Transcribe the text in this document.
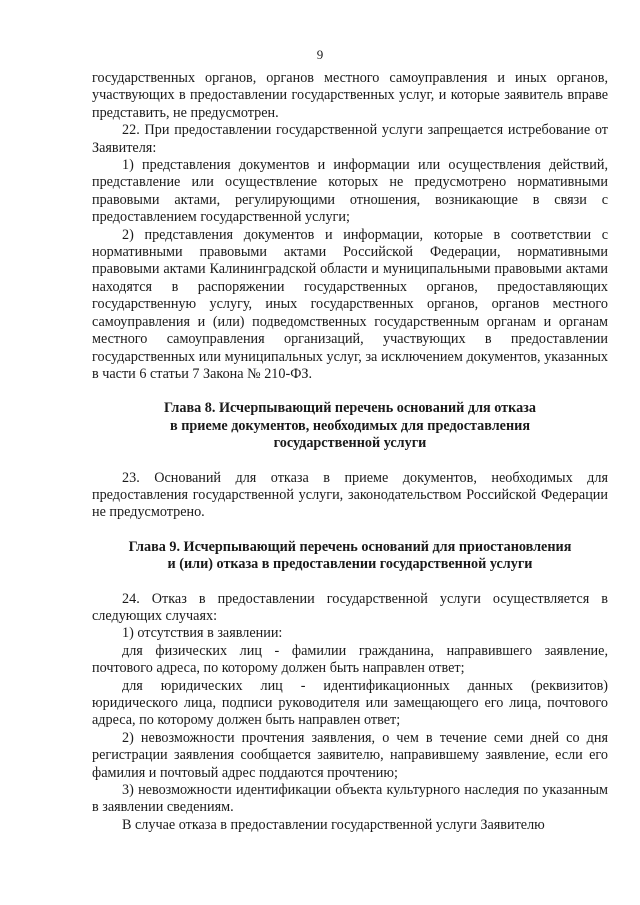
9

государственных органов, органов местного самоуправления и иных органов, участвующих в предоставлении государственных услуг, и которые заявитель вправе представить, не предусмотрен.

22. При предоставлении государственной услуги запрещается истребование от Заявителя:

1) представления документов и информации или осуществления действий, представление или осуществление которых не предусмотрено нормативными правовыми актами, регулирующими отношения, возникающие в связи с предоставлением государственной услуги;

2) представления документов и информации, которые в соответствии с нормативными правовыми актами Российской Федерации, нормативными правовыми актами Калининградской области и муниципальными правовыми актами находятся в распоряжении государственных органов, предоставляющих государственную услугу, иных государственных органов, органов местного самоуправления и (или) подведомственных государственным органам и органам местного самоуправления организаций, участвующих в предоставлении государственных или муниципальных услуг, за исключением документов, указанных в части 6 статьи 7 Закона № 210-ФЗ.

Глава 8. Исчерпывающий перечень оснований для отказа

в приеме документов, необходимых для предоставления

государственной услуги

23. Оснований для отказа в приеме документов, необходимых для предоставления государственной услуги, законодательством Российской Федерации не предусмотрено.

Глава 9. Исчерпывающий перечень оснований для приостановления

и (или) отказа в предоставлении государственной услуги

24. Отказ в предоставлении государственной услуги осуществляется в следующих случаях:

1) отсутствия в заявлении:

для физических лиц - фамилии гражданина, направившего заявление, почтового адреса, по которому должен быть направлен ответ;

для юридических лиц - идентификационных данных (реквизитов) юридического лица, подписи руководителя или замещающего его лица, почтового адреса, по которому должен быть направлен ответ;

2) невозможности прочтения заявления, о чем в течение семи дней со дня регистрации заявления сообщается заявителю, направившему заявление, если его фамилия и почтовый адрес поддаются прочтению;

3) невозможности идентификации объекта культурного наследия по указанным в заявлении сведениям.

В случае отказа в предоставлении государственной услуги Заявителю
